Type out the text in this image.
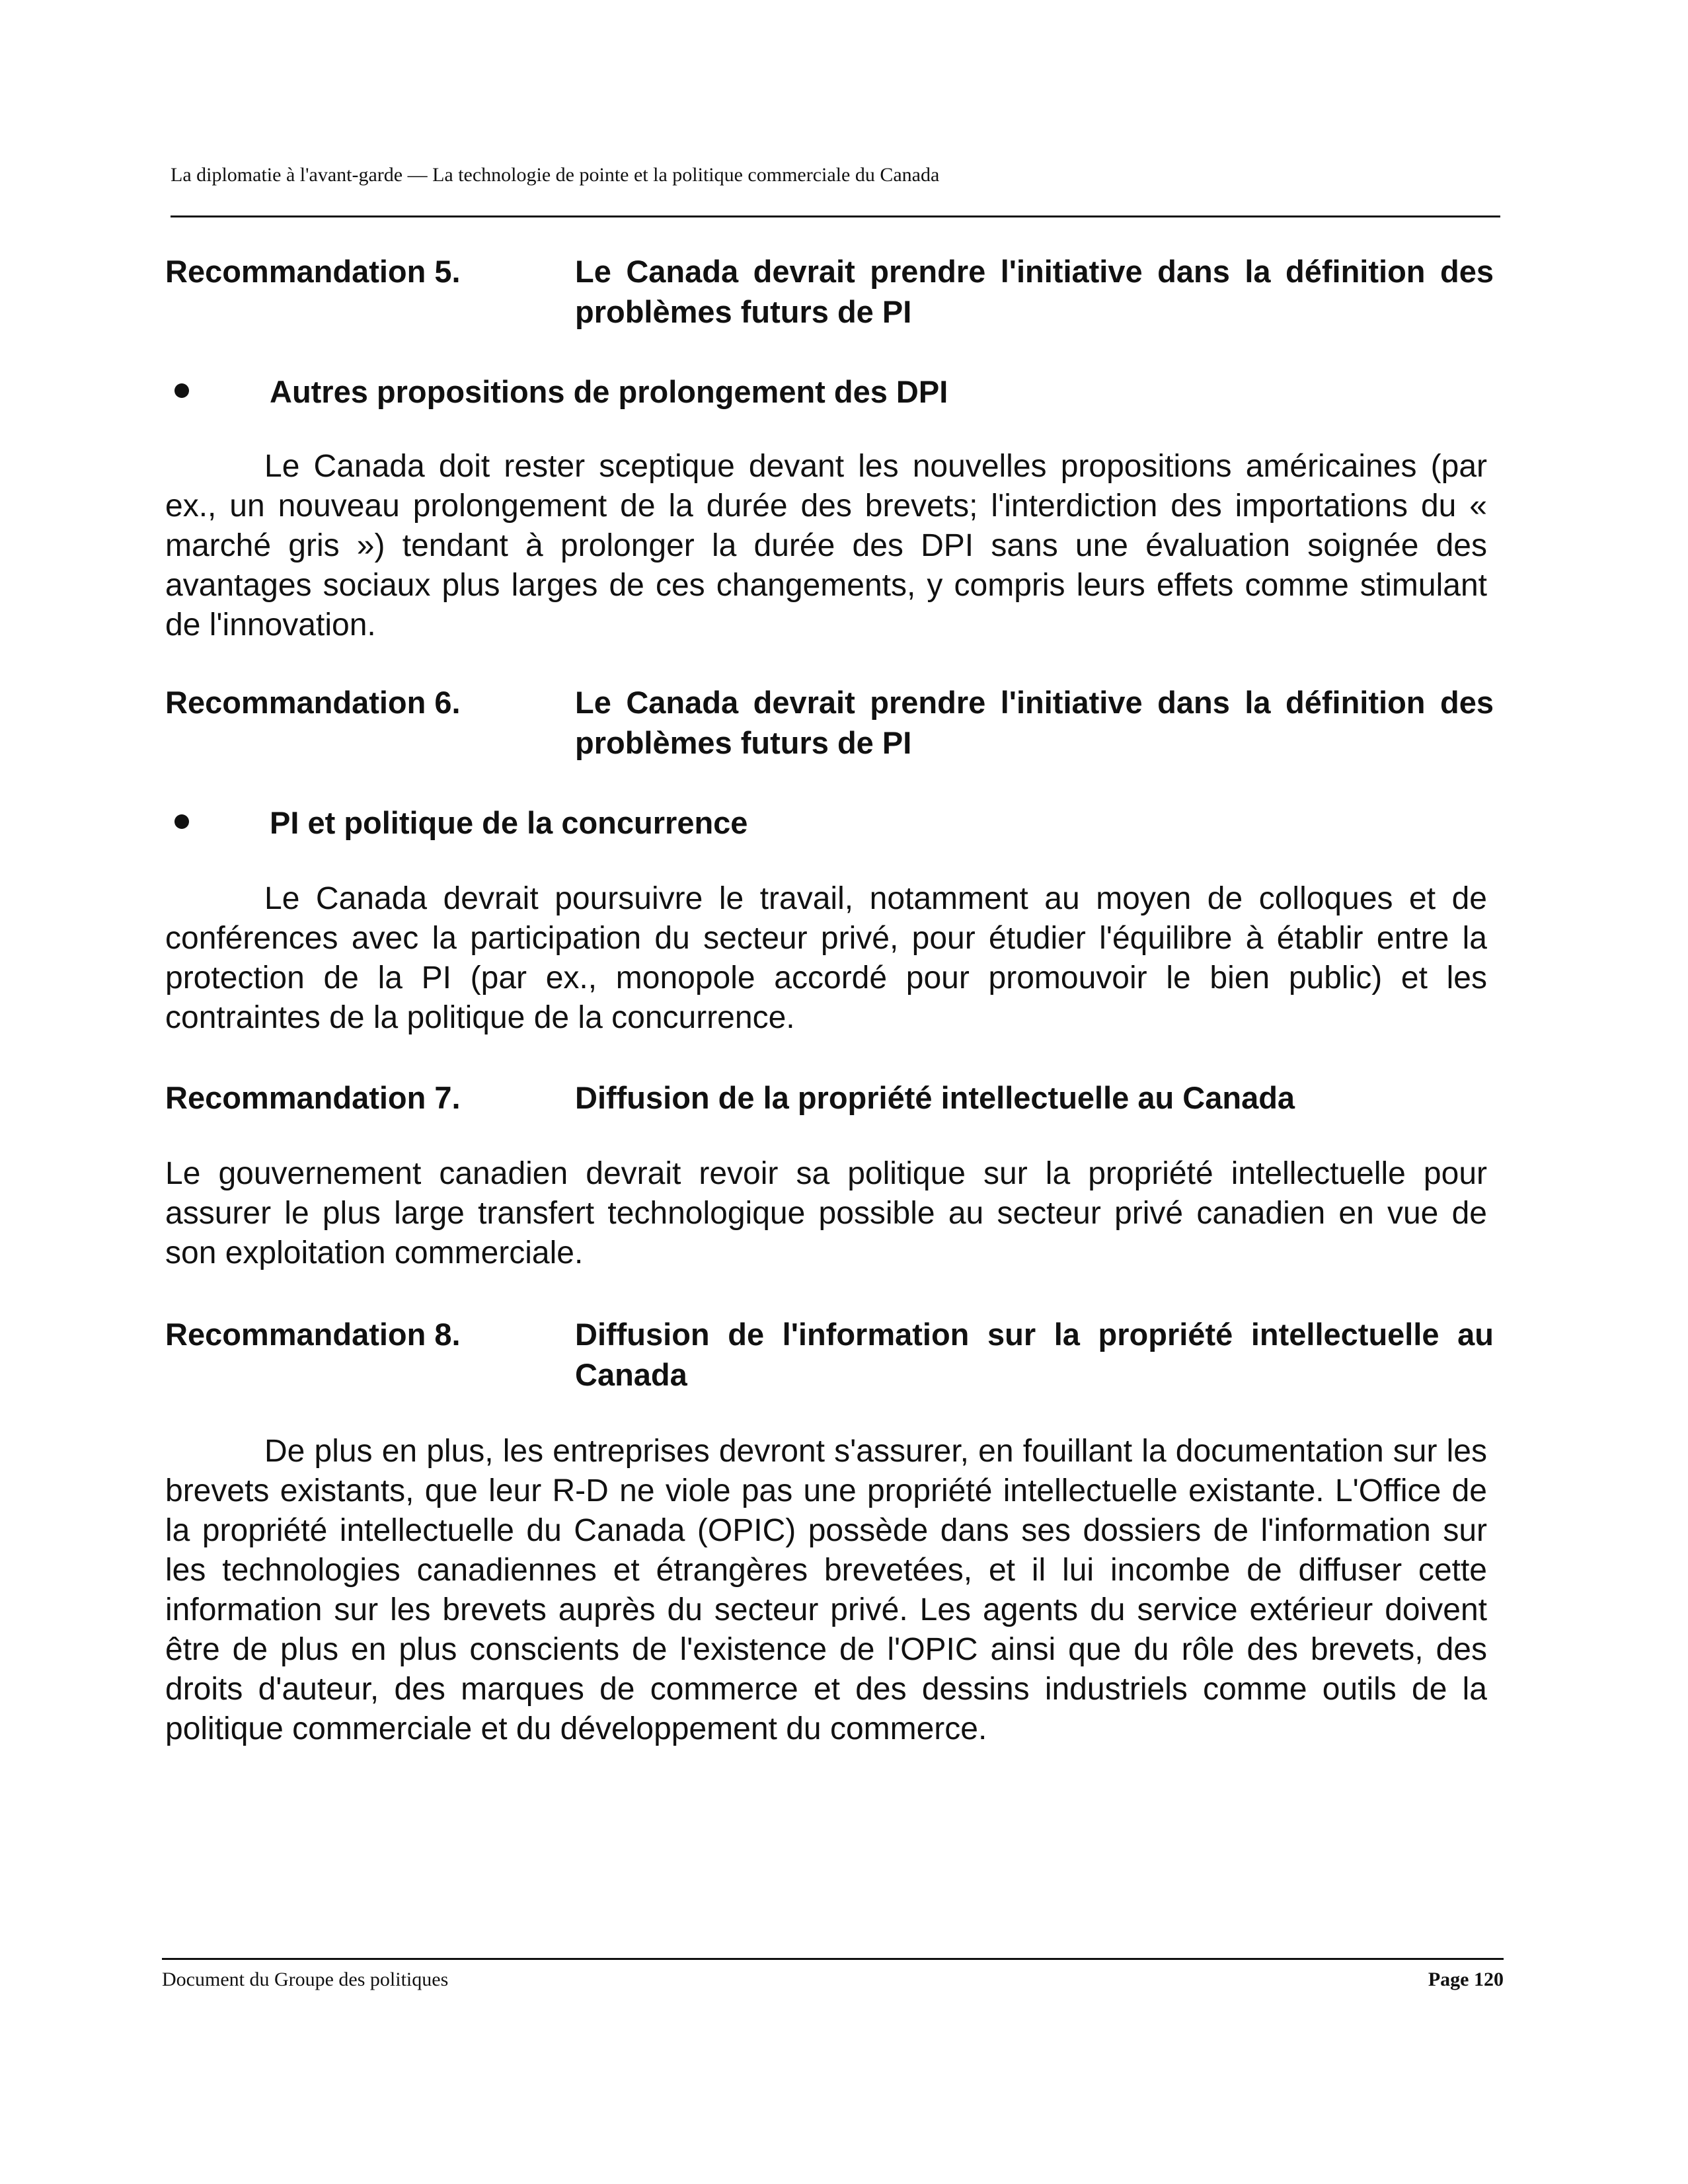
La diplomatie à l'avant-garde — La technologie de pointe et la politique commerciale du Canada
Recommandation 5.	Le Canada devrait prendre l'initiative dans la définition des problèmes futurs de PI
Autres propositions de prolongement des DPI

Le Canada doit rester sceptique devant les nouvelles propositions américaines (par ex., un nouveau prolongement de la durée des brevets; l'interdiction des importations du « marché gris ») tendant à prolonger la durée des DPI sans une évaluation soignée des avantages sociaux plus larges de ces changements, y compris leurs effets comme stimulant de l'innovation.

Recommandation 6.	Le Canada devrait prendre l'initiative dans la définition des problèmes futurs de PI
PI et politique de la concurrence

Le Canada devrait poursuivre le travail, notamment au moyen de colloques et de conférences avec la participation du secteur privé, pour étudier l'équilibre à établir entre la protection de la PI (par ex., monopole accordé pour promouvoir le bien public) et les contraintes de la politique de la concurrence.

Recommandation 7.	Diffusion de la propriété intellectuelle au Canada

Le gouvernement canadien devrait revoir sa politique sur la propriété intellectuelle pour assurer le plus large transfert technologique possible au secteur privé canadien en vue de son exploitation commerciale.

Recommandation 8.	Diffusion de l'information sur la propriété intellectuelle au Canada

De plus en plus, les entreprises devront s'assurer, en fouillant la documentation sur les brevets existants, que leur R-D ne viole pas une propriété intellectuelle existante. L'Office de la propriété intellectuelle du Canada (OPIC) possède dans ses dossiers de l'information sur les technologies canadiennes et étrangères brevetées, et il lui incombe de diffuser cette information sur les brevets auprès du secteur privé. Les agents du service extérieur doivent être de plus en plus conscients de l'existence de l'OPIC ainsi que du rôle des brevets, des droits d'auteur, des marques de commerce et des dessins industriels comme outils de la politique commerciale et du développement du commerce.

Document du Groupe des politiques	Page 120
